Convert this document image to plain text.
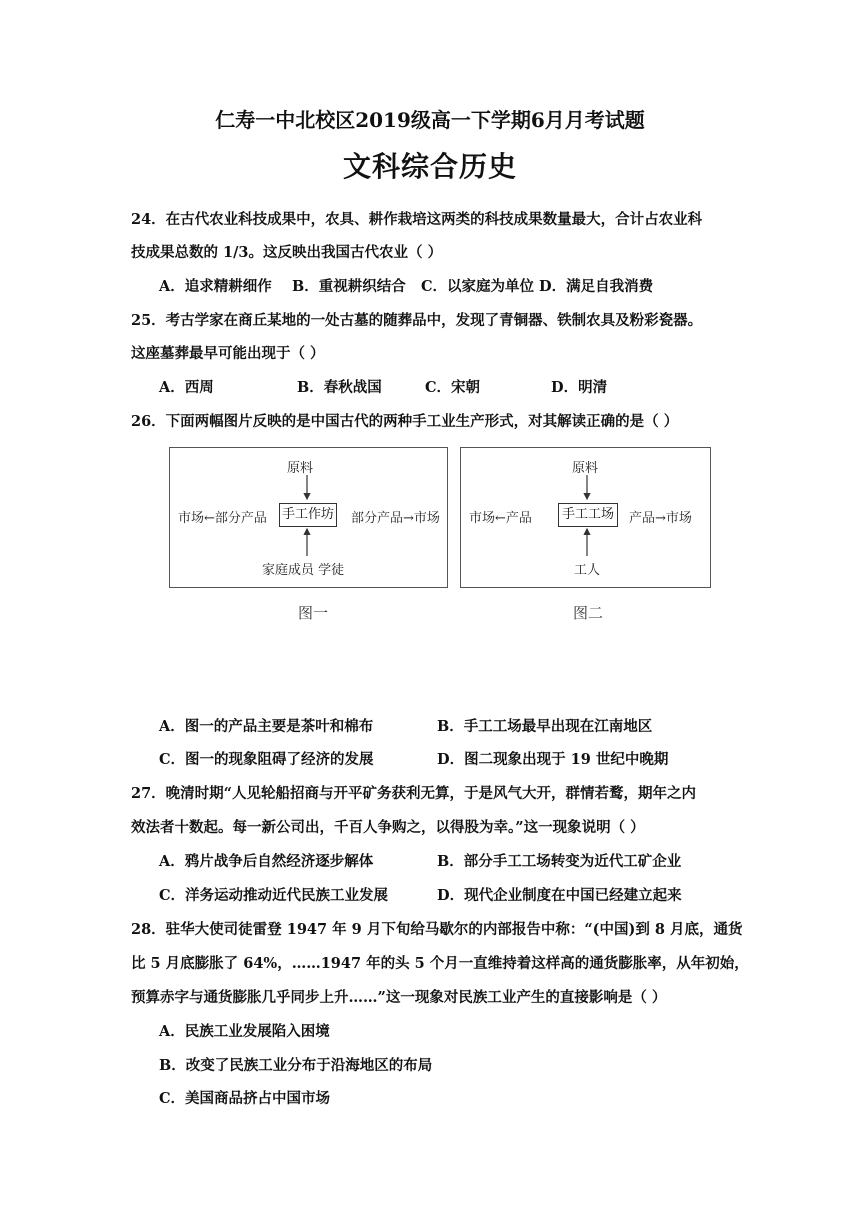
仁寿一中北校区2019级高一下学期6月月考试题
文科综合历史
24．在古代农业科技成果中，农具、耕作栽培这两类的科技成果数量最大，合计占农业科
技成果总数的 1/3。这反映出我国古代农业（ ）
A．追求精耕细作 B．重视耕织结合 C．以家庭为单位 D．满足自我消费
25．考古学家在商丘某地的一处古墓的随葬品中，发现了青铜器、铁制农具及粉彩瓷器。
这座墓葬最早可能出现于（ ）
A．西周	B．春秋战国	C．宋朝	D．明清
26．下面两幅图片反映的是中国古代的两种手工业生产形式，对其解读正确的是（ ）
原料
手工作坊
市场←部分产品	部分产品→市场
家庭成员 学徒
图一
原料
手工工场
市场←产品	产品→市场
工人
图二
A．图一的产品主要是茶叶和棉布	B．手工工场最早出现在江南地区
C．图一的现象阻碍了经济的发展	D．图二现象出现于 19 世纪中晚期
27．晚清时期“人见轮船招商与开平矿务获利无算，于是风气大开，群情若鹜，期年之内
效法者十数起。每一新公司出，千百人争购之，以得股为幸。”这一现象说明（ ）
A．鸦片战争后自然经济逐步解体	B．部分手工工场转变为近代工矿企业
C．洋务运动推动近代民族工业发展	D．现代企业制度在中国已经建立起来
28．驻华大使司徒雷登 1947 年 9 月下旬给马歇尔的内部报告中称：“(中国)到 8 月底，通货
比 5 月底膨胀了 64%，……1947 年的头 5 个月一直维持着这样高的通货膨胀率，从年初始，
预算赤字与通货膨胀几乎同步上升……”这一现象对民族工业产生的直接影响是（ ）
A．民族工业发展陷入困境
B．改变了民族工业分布于沿海地区的布局
C．美国商品挤占中国市场
